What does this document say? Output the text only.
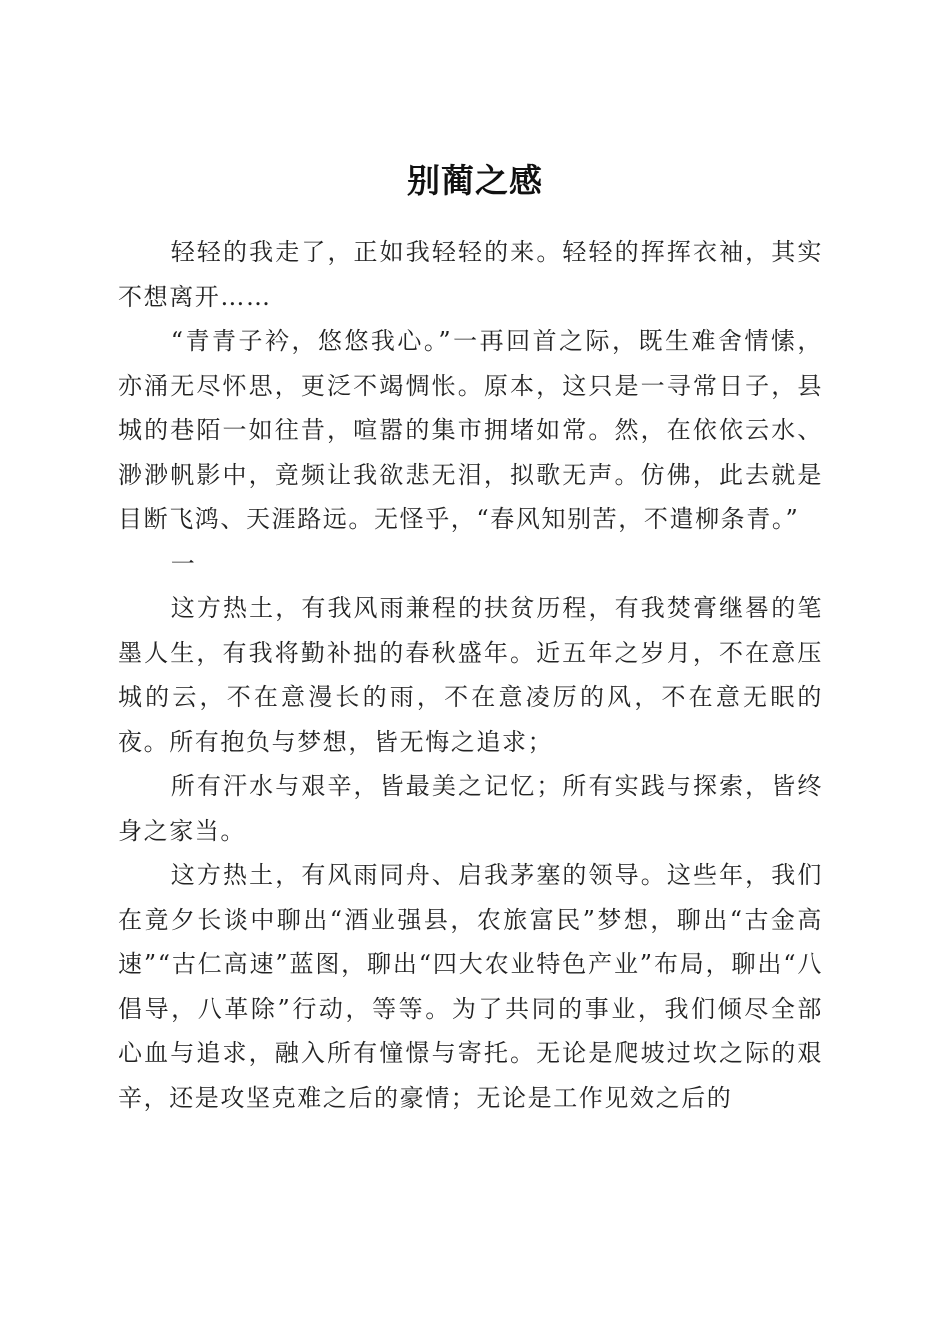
别蔺之感

轻轻的我走了，正如我轻轻的来。轻轻的挥挥衣袖，其实不想离开……

“青青子衿，悠悠我心。”一再回首之际，既生难舍情愫，亦涌无尽怀思，更泛不竭惆怅。原本，这只是一寻常日子，县城的巷陌一如往昔，喧嚣的集市拥堵如常。然，在依依云水、渺渺帆影中，竟频让我欲悲无泪，拟歌无声。仿佛，此去就是目断飞鸿、天涯路远。无怪乎，“春风知别苦，不遣柳条青。”

一

这方热土，有我风雨兼程的扶贫历程，有我焚膏继晷的笔墨人生，有我将勤补拙的春秋盛年。近五年之岁月，不在意压城的云，不在意漫长的雨，不在意凌厉的风，不在意无眠的夜。所有抱负与梦想，皆无悔之追求；

所有汗水与艰辛，皆最美之记忆；所有实践与探索，皆终身之家当。

这方热土，有风雨同舟、启我茅塞的领导。这些年，我们在竟夕长谈中聊出“酒业强县，农旅富民”梦想，聊出“古金高速”“古仁高速”蓝图，聊出“四大农业特色产业”布局，聊出“八倡导，八革除”行动，等等。为了共同的事业，我们倾尽全部心血与追求，融入所有憧憬与寄托。无论是爬坡过坎之际的艰辛，还是攻坚克难之后的豪情；无论是工作见效之后的
